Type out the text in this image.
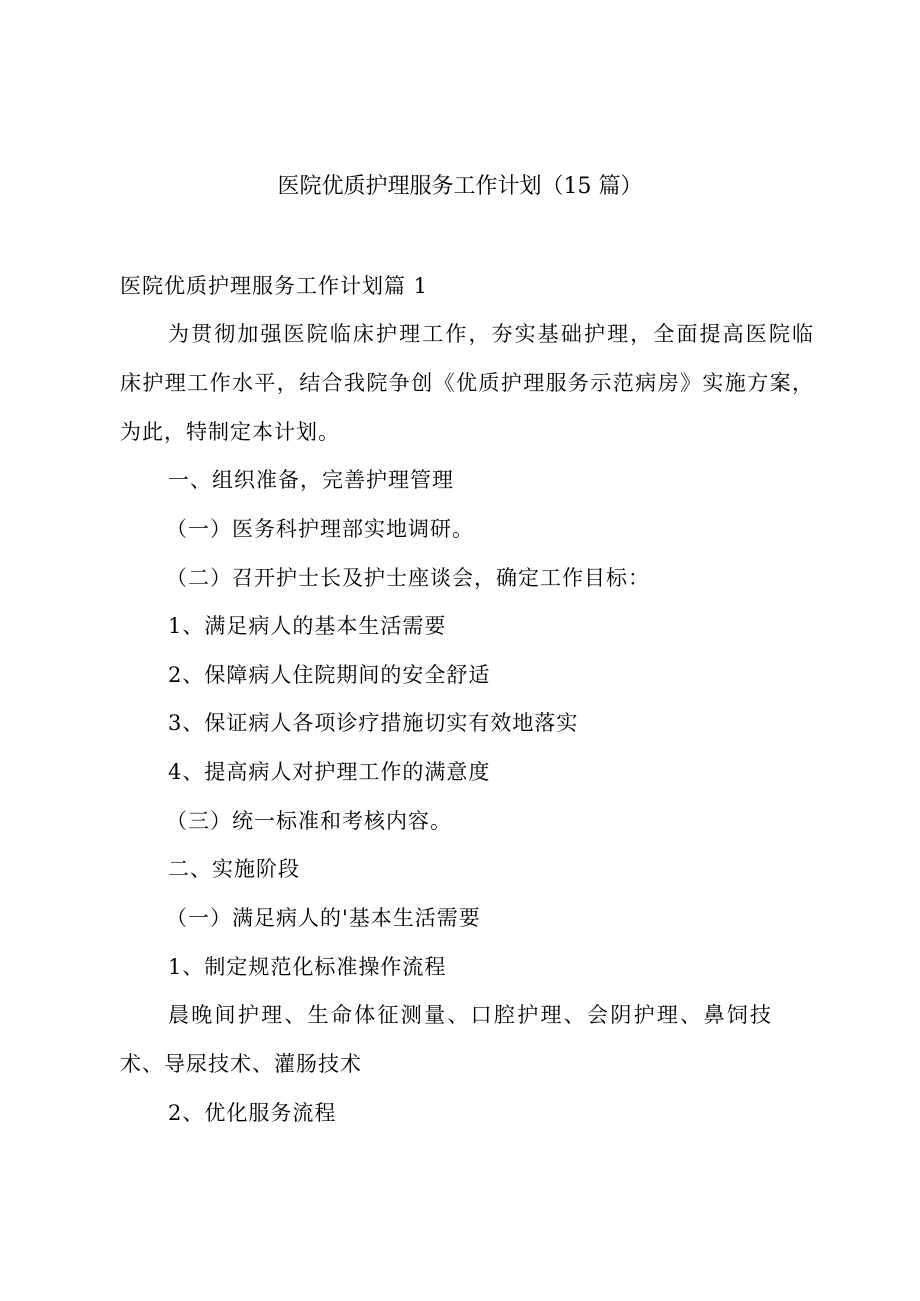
医院优质护理服务工作计划（15 篇）
医院优质护理服务工作计划篇 1
为贯彻加强医院临床护理工作，夯实基础护理，全面提高医院临
床护理工作水平，结合我院争创《优质护理服务示范病房》实施方案，
为此，特制定本计划。
一、组织准备，完善护理管理
（一）医务科护理部实地调研。
（二）召开护士长及护士座谈会，确定工作目标：
1、满足病人的基本生活需要
2、保障病人住院期间的安全舒适
3、保证病人各项诊疗措施切实有效地落实
4、提高病人对护理工作的满意度
（三）统一标准和考核内容。
二、实施阶段
（一）满足病人的'基本生活需要
1、制定规范化标准操作流程
晨晚间护理、生命体征测量、口腔护理、会阴护理、鼻饲技
术、导尿技术、灌肠技术
2、优化服务流程
